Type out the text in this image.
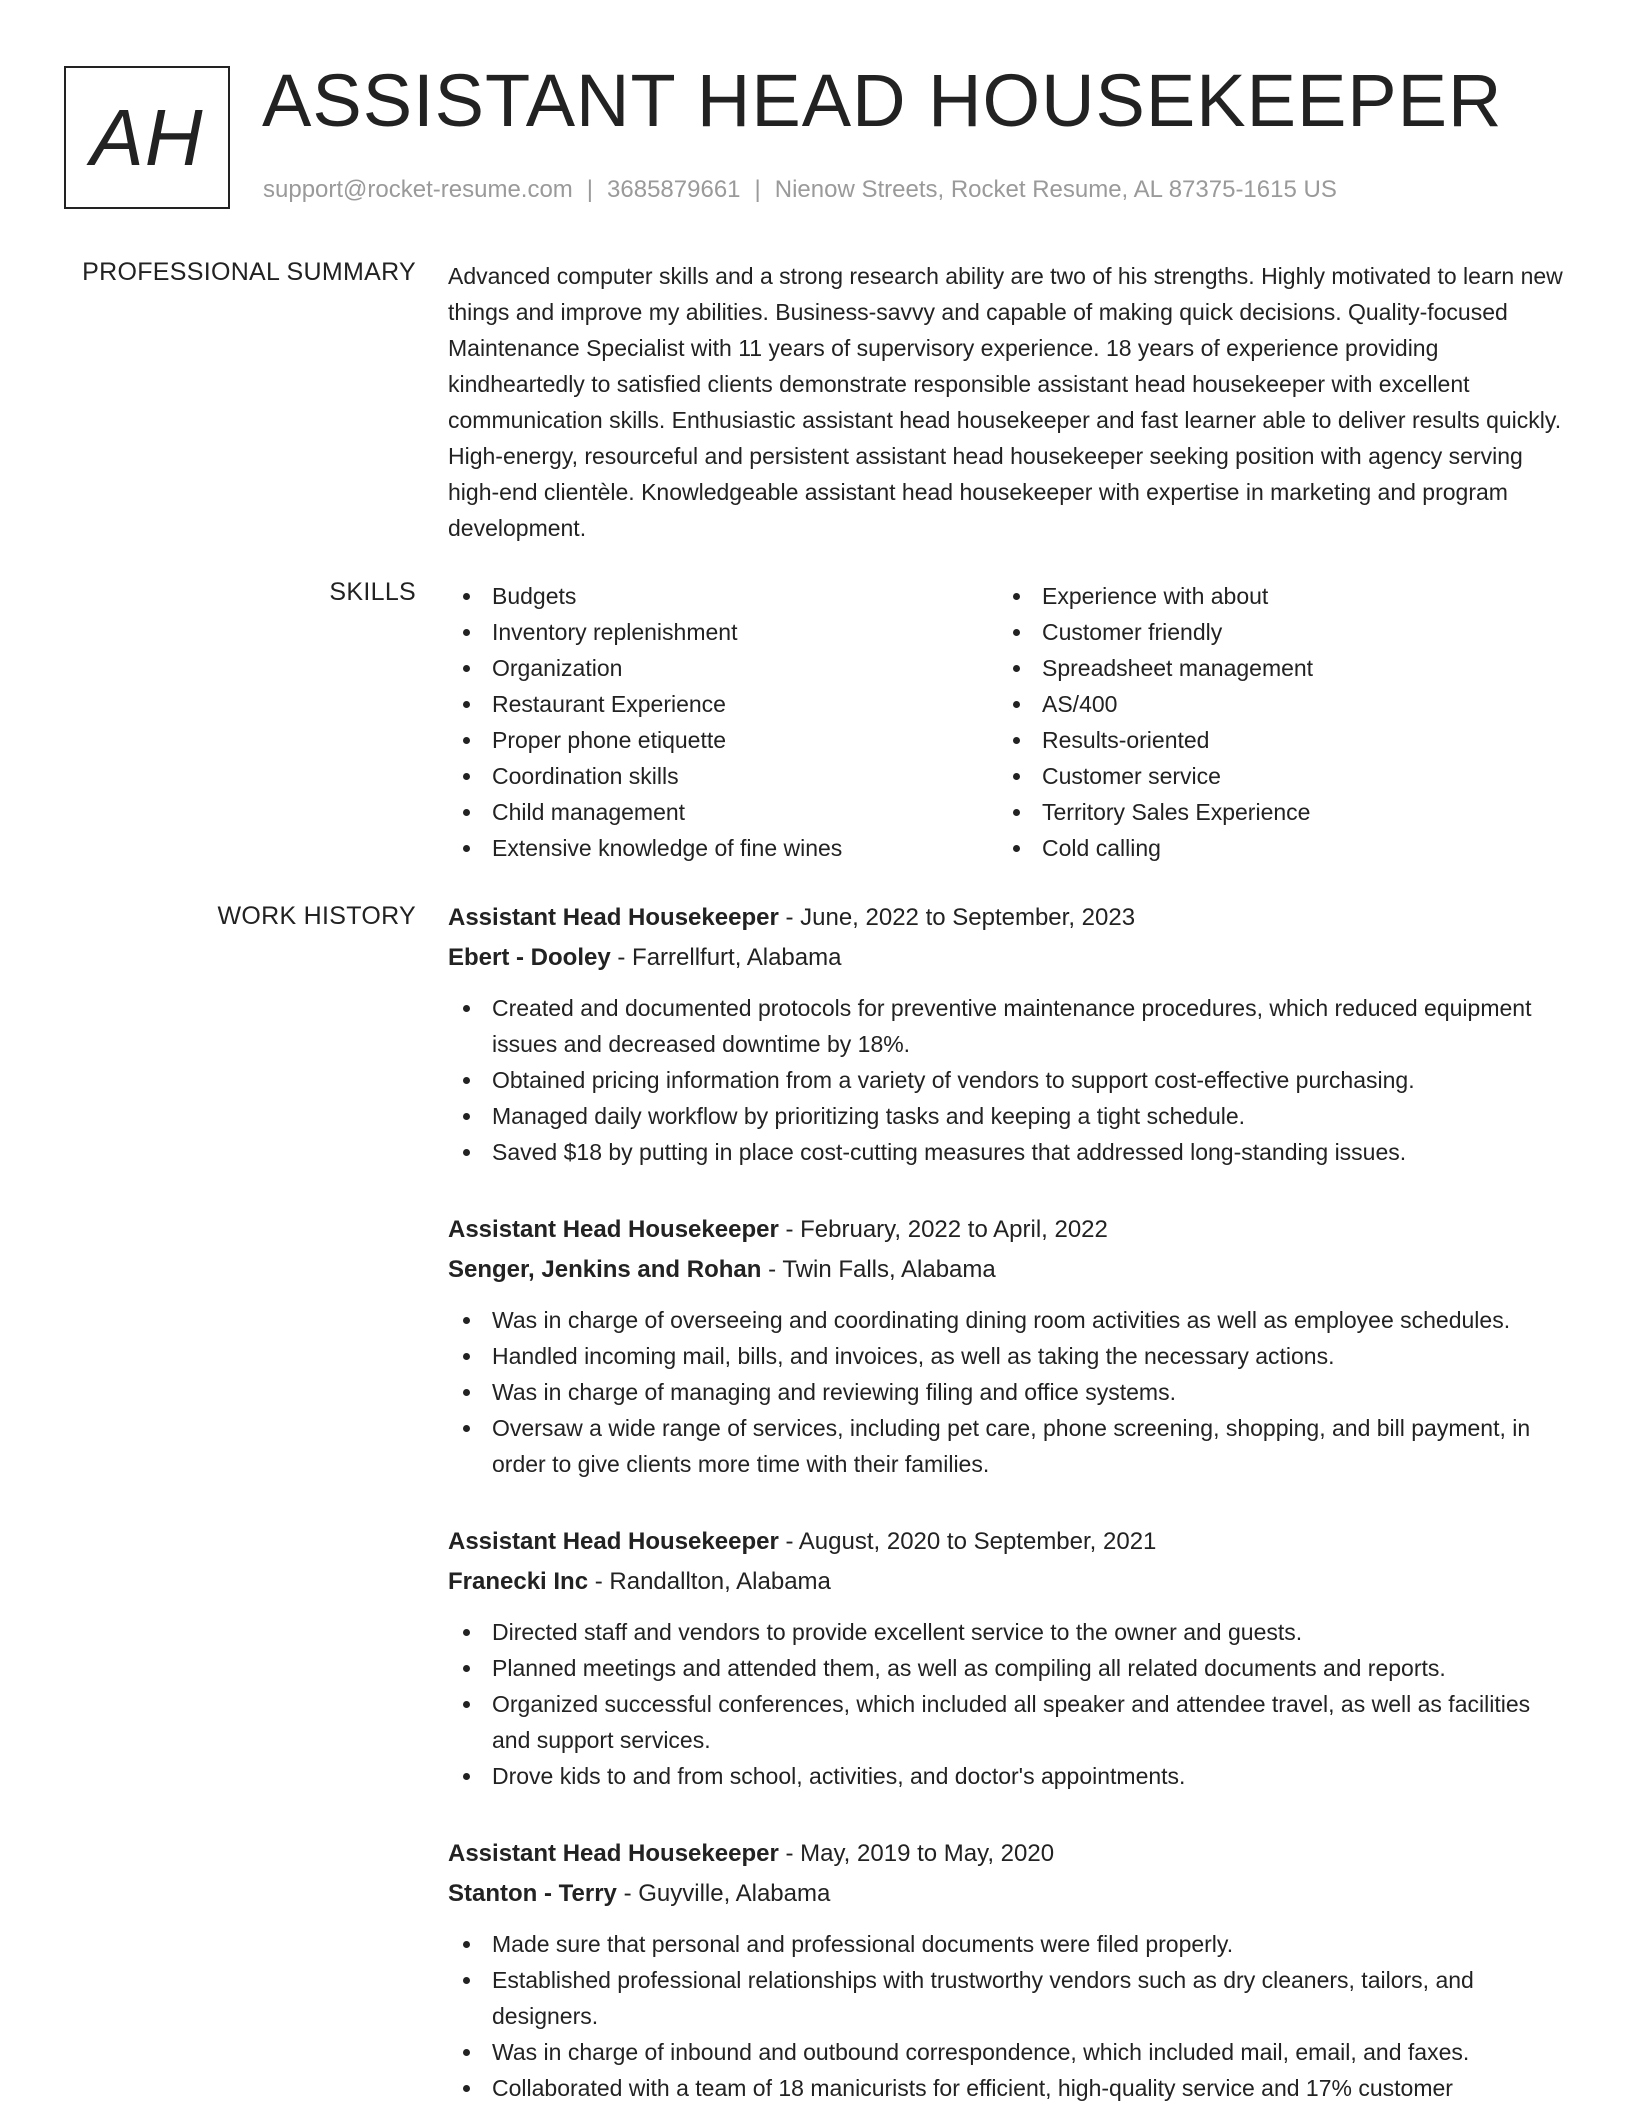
AH ASSISTANT HEAD HOUSEKEEPER
support@rocket-resume.com | 3685879661 | Nienow Streets, Rocket Resume, AL 87375-1615 US
PROFESSIONAL SUMMARY Advanced computer skills and a strong research ability are two of his strengths. Highly motivated to learn new things and improve my abilities. Business-savvy and capable of making quick decisions. Quality-focused Maintenance Specialist with 11 years of supervisory experience. 18 years of experience providing kindheartedly to satisfied clients demonstrate responsible assistant head housekeeper with excellent communication skills. Enthusiastic assistant head housekeeper and fast learner able to deliver results quickly. High-energy, resourceful and persistent assistant head housekeeper seeking position with agency serving high-end clientèle. Knowledgeable assistant head housekeeper with expertise in marketing and program development.
SKILLS	Budgets
Inventory replenishment
Organization
Restaurant Experience
Proper phone etiquette
Coordination skills
Child management
Extensive knowledge of fine wines
Experience with about
Customer friendly
Spreadsheet management
AS/400
Results-oriented
Customer service
Territory Sales Experience
Cold calling
WORK HISTORY Assistant Head Housekeeper - June, 2022 to September, 2023
Ebert - Dooley - Farrellfurt, Alabama
Created and documented protocols for preventive maintenance procedures, which reduced equipment issues and decreased downtime by 18%.
Obtained pricing information from a variety of vendors to support cost-effective purchasing.
Managed daily workflow by prioritizing tasks and keeping a tight schedule.
Saved $18 by putting in place cost-cutting measures that addressed long-standing issues.
Assistant Head Housekeeper - February, 2022 to April, 2022
Senger, Jenkins and Rohan - Twin Falls, Alabama
Was in charge of overseeing and coordinating dining room activities as well as employee schedules.
Handled incoming mail, bills, and invoices, as well as taking the necessary actions.
Was in charge of managing and reviewing filing and office systems.
Oversaw a wide range of services, including pet care, phone screening, shopping, and bill payment, in order to give clients more time with their families.
Assistant Head Housekeeper - August, 2020 to September, 2021
Franecki Inc - Randallton, Alabama
Directed staff and vendors to provide excellent service to the owner and guests.
Planned meetings and attended them, as well as compiling all related documents and reports.
Organized successful conferences, which included all speaker and attendee travel, as well as facilities and support services.
Drove kids to and from school, activities, and doctor's appointments.
Assistant Head Housekeeper - May, 2019 to May, 2020
Stanton - Terry - Guyville, Alabama
Made sure that personal and professional documents were filed properly.
Established professional relationships with trustworthy vendors such as dry cleaners, tailors, and designers.
Was in charge of inbound and outbound correspondence, which included mail, email, and faxes.
Collaborated with a team of 18 manicurists for efficient, high-quality service and 17% customer
